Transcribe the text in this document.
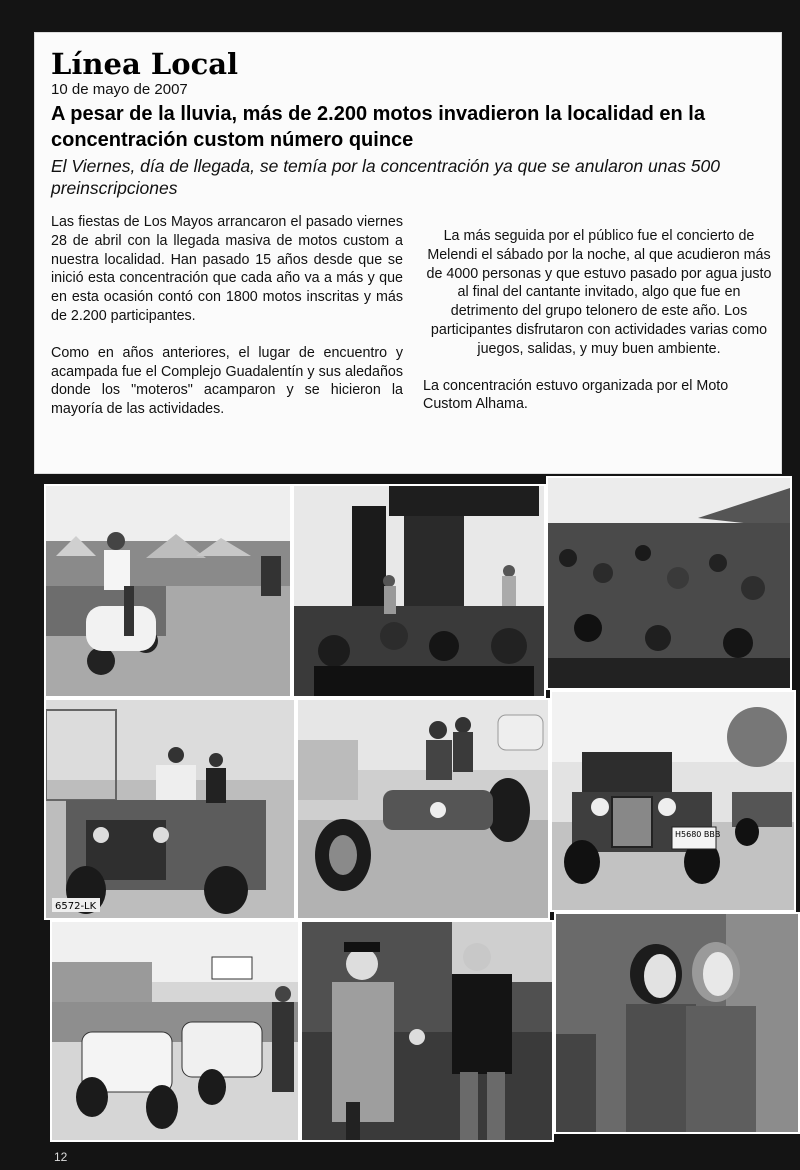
Línea Local

10 de mayo de 2007

A pesar de la lluvia, más de 2.200 motos invadieron la localidad en la concentración custom número quince

El Viernes, día de llegada, se temía por la concentración ya que se anularon unas 500 preinscripciones

Las fiestas de Los Mayos arrancaron el pasado viernes 28 de abril con la llegada masiva de motos custom a nuestra localidad. Han pasado 15 años desde que se inició esta concentración que cada año va a más y que en esta ocasión contó con 1800 motos inscritas y más de 2.200 participantes.

Como en años anteriores, el lugar de encuentro y acampada fue el Complejo Guadalentín y sus aledaños donde los "moteros" acamparon y se hicieron la mayoría de las actividades.

La más seguida por el público fue el concierto de Melendi el sábado por la noche, al que acudieron más de 4000 personas y que estuvo pasado por agua justo al final del cantante invitado, algo que fue en detrimento del grupo telonero de este año. Los participantes disfrutaron con actividades varias como juegos, salidas, y muy buen ambiente.

La concentración estuvo organizada por el Moto Custom Alhama.

6572-LK
H5680 BBB
12
